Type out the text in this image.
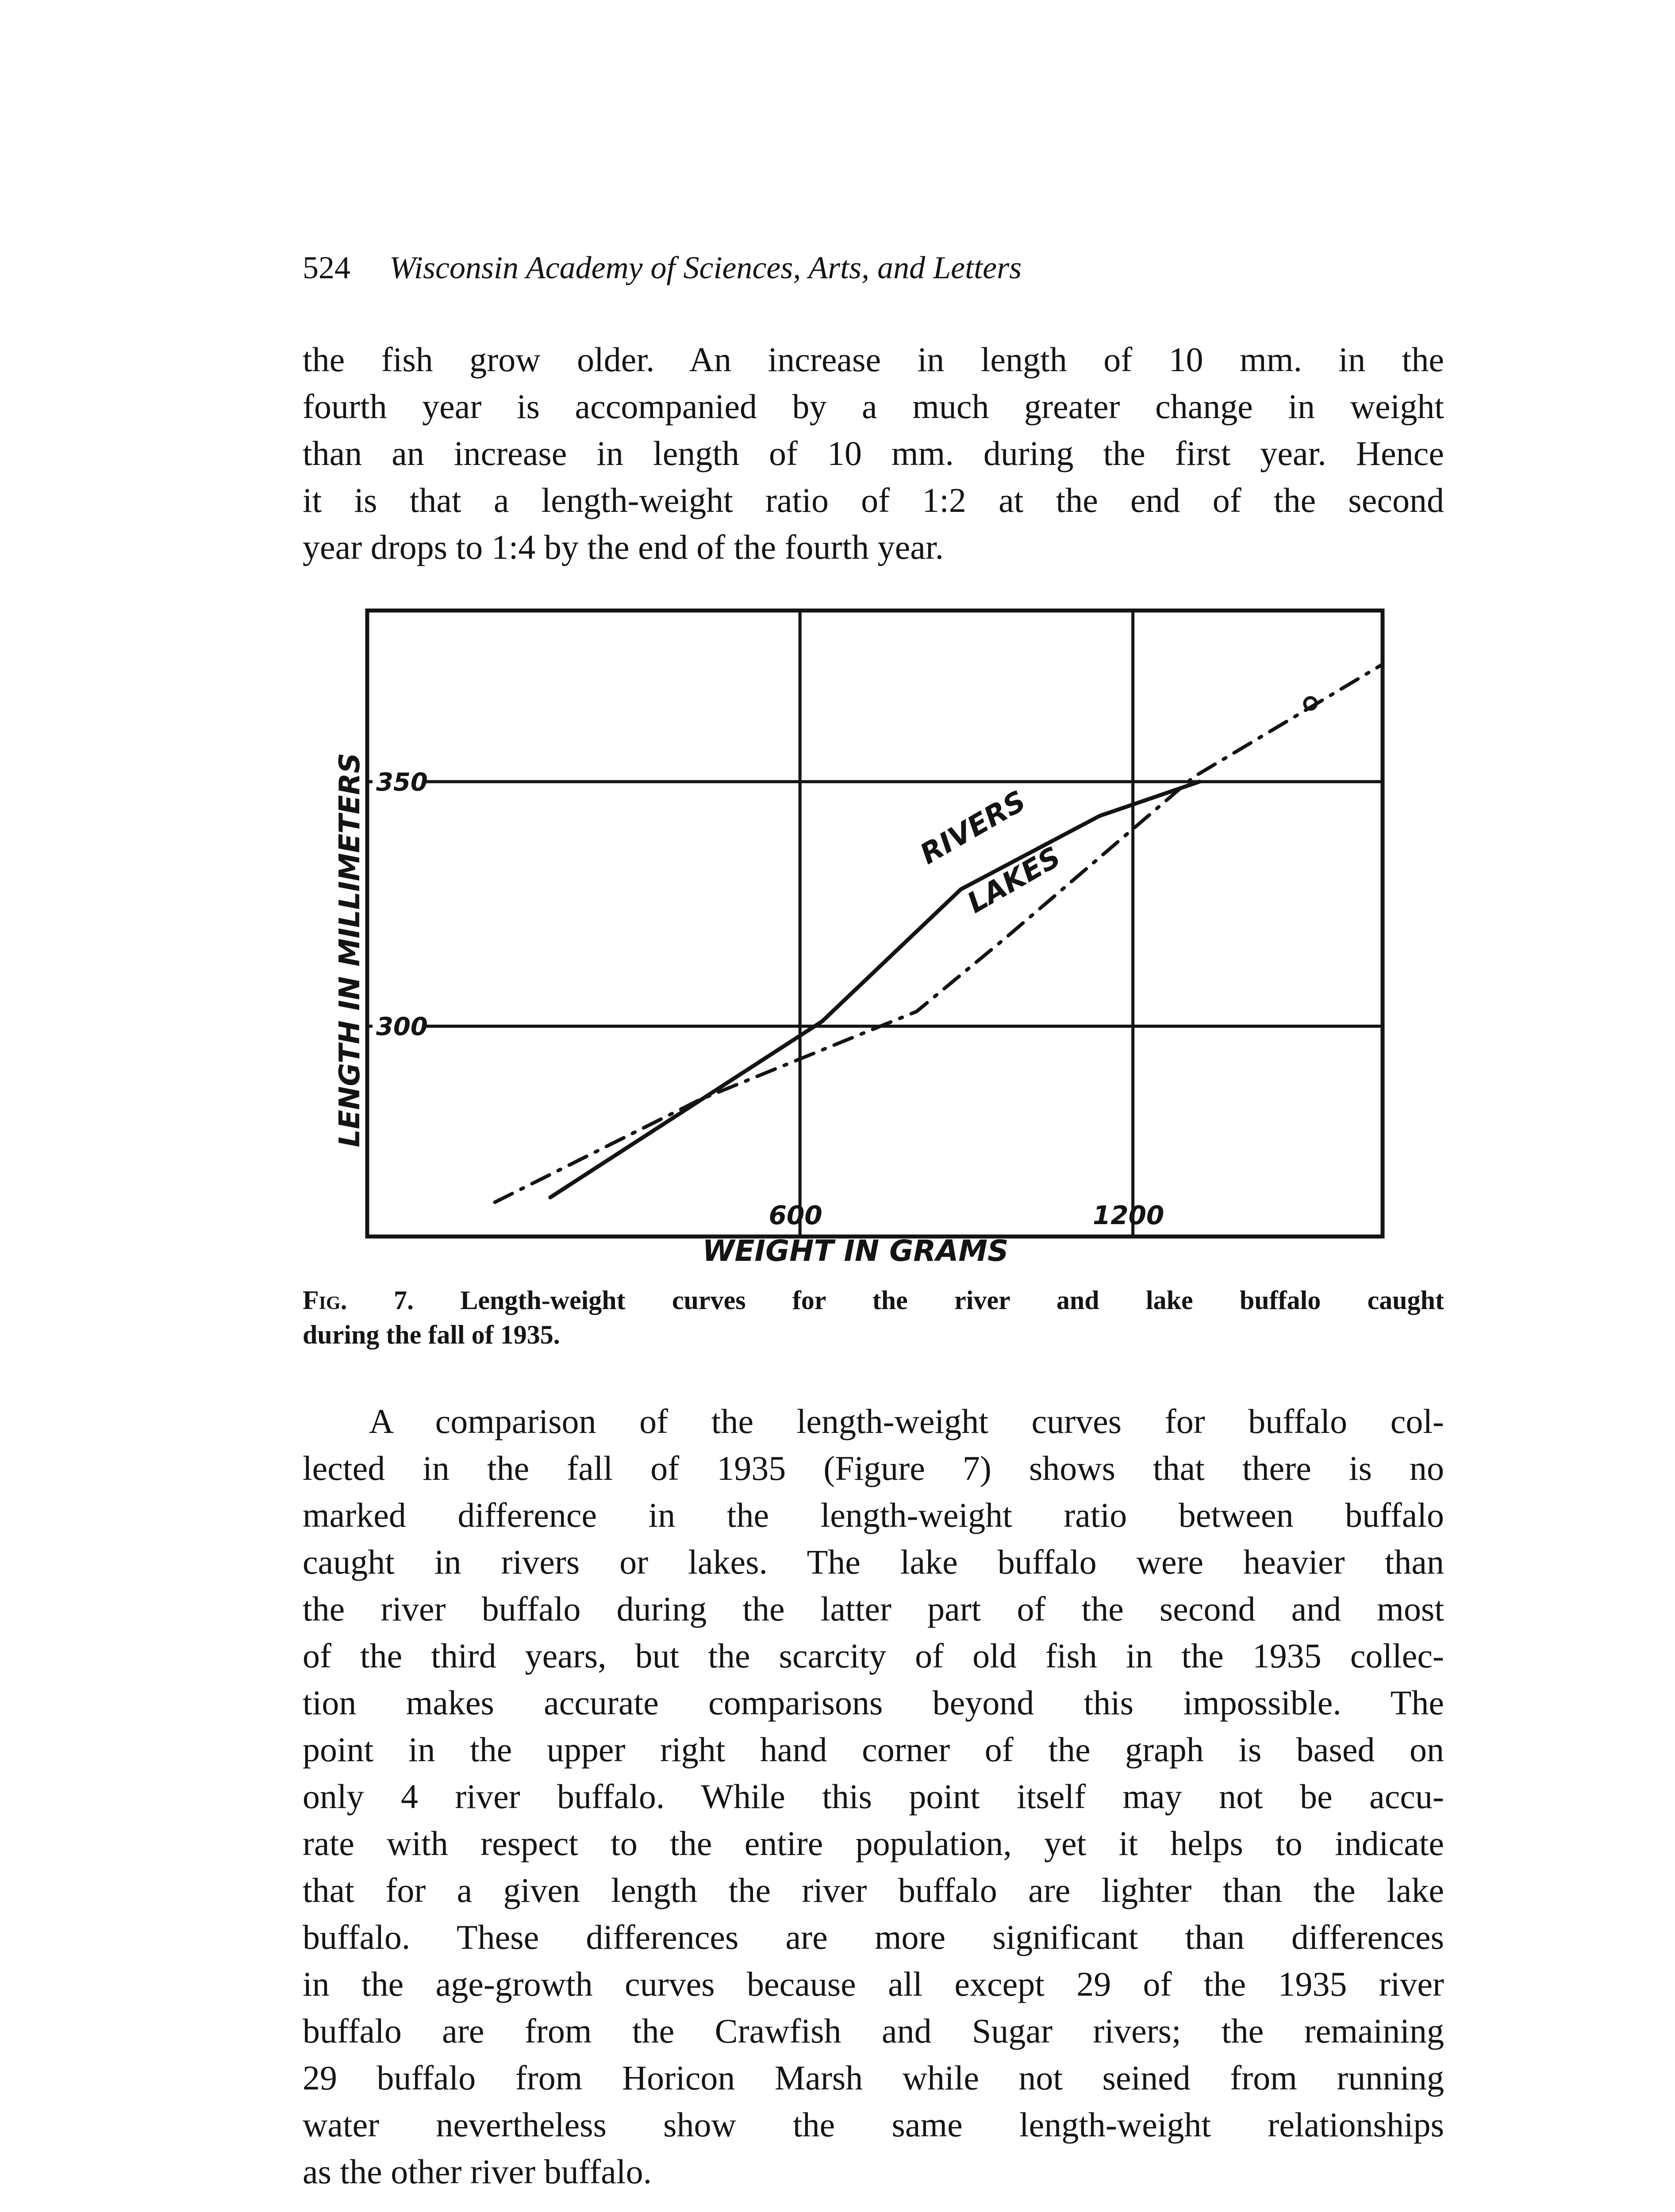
524 Wisconsin Academy of Sciences, Arts, and Letters
the fish grow older. An increase in length of 10 mm. in the
fourth year is accompanied by a much greater change in weight
than an increase in length of 10 mm. during the first year. Hence
it is that a length-weight ratio of 1:2 at the end of the second
year drops to 1:4 by the end of the fourth year.
600	1200
350
300
RIVERS
LAKES
WEIGHT IN GRAMS
LENGTH IN MILLIMETERS
Fig. 7. Length-weight curves for the river and lake buffalo caught
during the fall of 1935.
A comparison of the length-weight curves for buffalo col-
lected in the fall of 1935 (Figure 7) shows that there is no
marked difference in the length-weight ratio between buffalo
caught in rivers or lakes. The lake buffalo were heavier than
the river buffalo during the latter part of the second and most
of the third years, but the scarcity of old fish in the 1935 collec-
tion makes accurate comparisons beyond this impossible. The
point in the upper right hand corner of the graph is based on
only 4 river buffalo. While this point itself may not be accu-
rate with respect to the entire population, yet it helps to indicate
that for a given length the river buffalo are lighter than the lake
buffalo. These differences are more significant than differences
in the age-growth curves because all except 29 of the 1935 river
buffalo are from the Crawfish and Sugar rivers; the remaining
29 buffalo from Horicon Marsh while not seined from running
water nevertheless show the same length-weight relationships
as the other river buffalo.
